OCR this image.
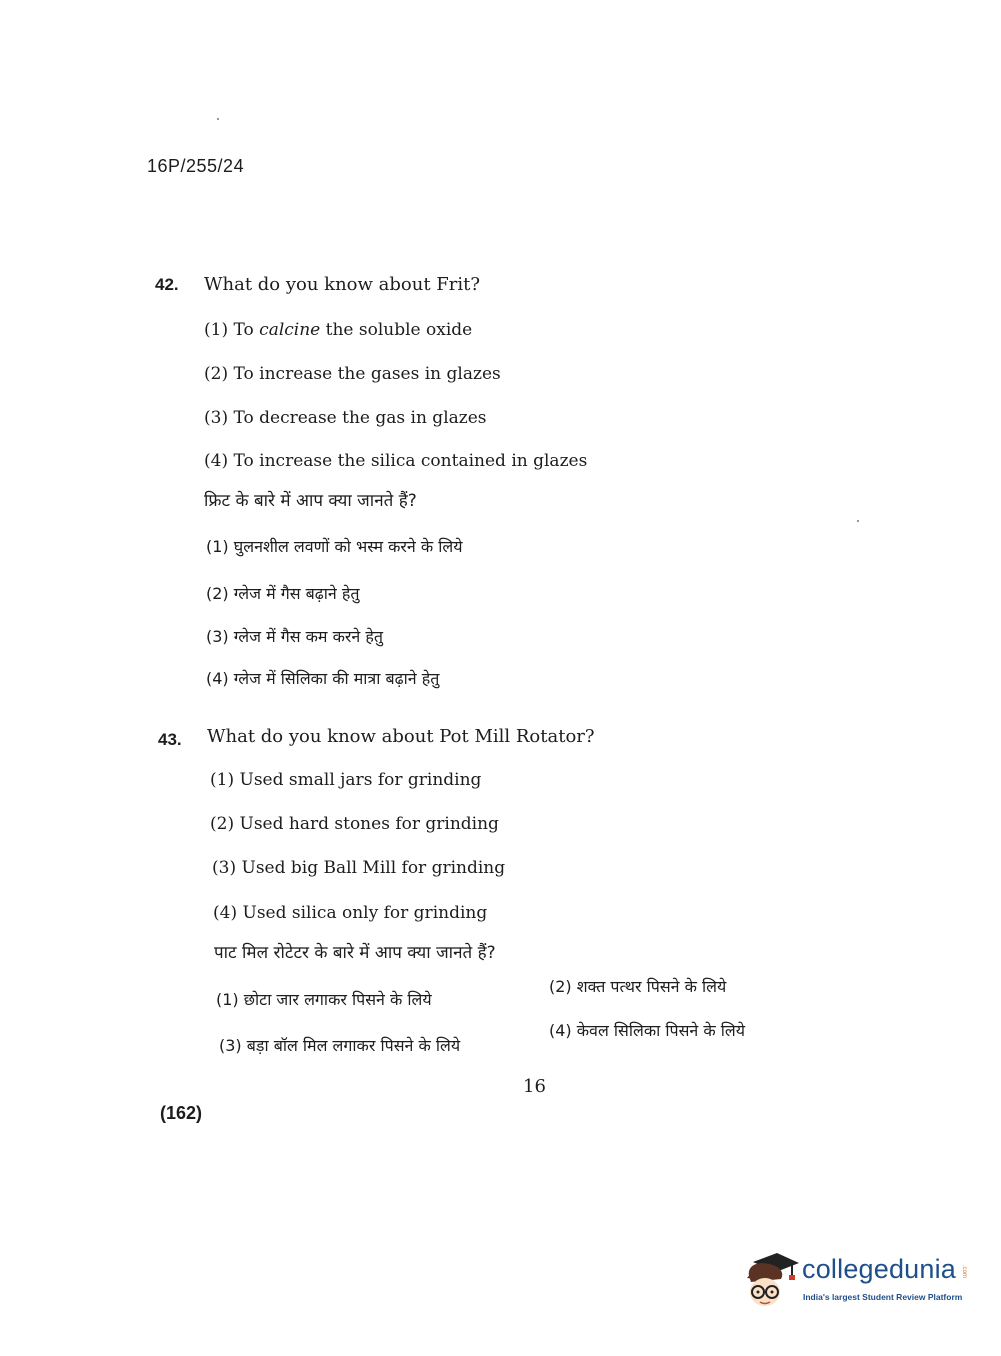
16P/255/24
42. What do you know about Frit?
(1) To calcine the soluble oxide
(2) To increase the gases in glazes
(3) To decrease the gas in glazes
(4) To increase the silica contained in glazes
फ्रिट के बारे में आप क्या जानते हैं?
(1) घुलनशील लवणों को भस्म करने के लिये
(2) ग्लेज में गैस बढ़ाने हेतु
(3) ग्लेज में गैस कम करने हेतु
(4) ग्लेज में सिलिका की मात्रा बढ़ाने हेतु
43. What do you know about Pot Mill Rotator?
(1) Used small jars for grinding
(2) Used hard stones for grinding
(3) Used big Ball Mill for grinding
(4) Used silica only for grinding
पाट मिल रोटेटर के बारे में आप क्या जानते हैं?
(1) छोटा जार लगाकर पिसने के लिये
(2) शक्त पत्थर पिसने के लिये
(3) बड़ा बॉल मिल लगाकर पिसने के लिये
(4) केवल सिलिका पिसने के लिये
16
(162)
collegedunia .com
India's largest Student Review Platform
